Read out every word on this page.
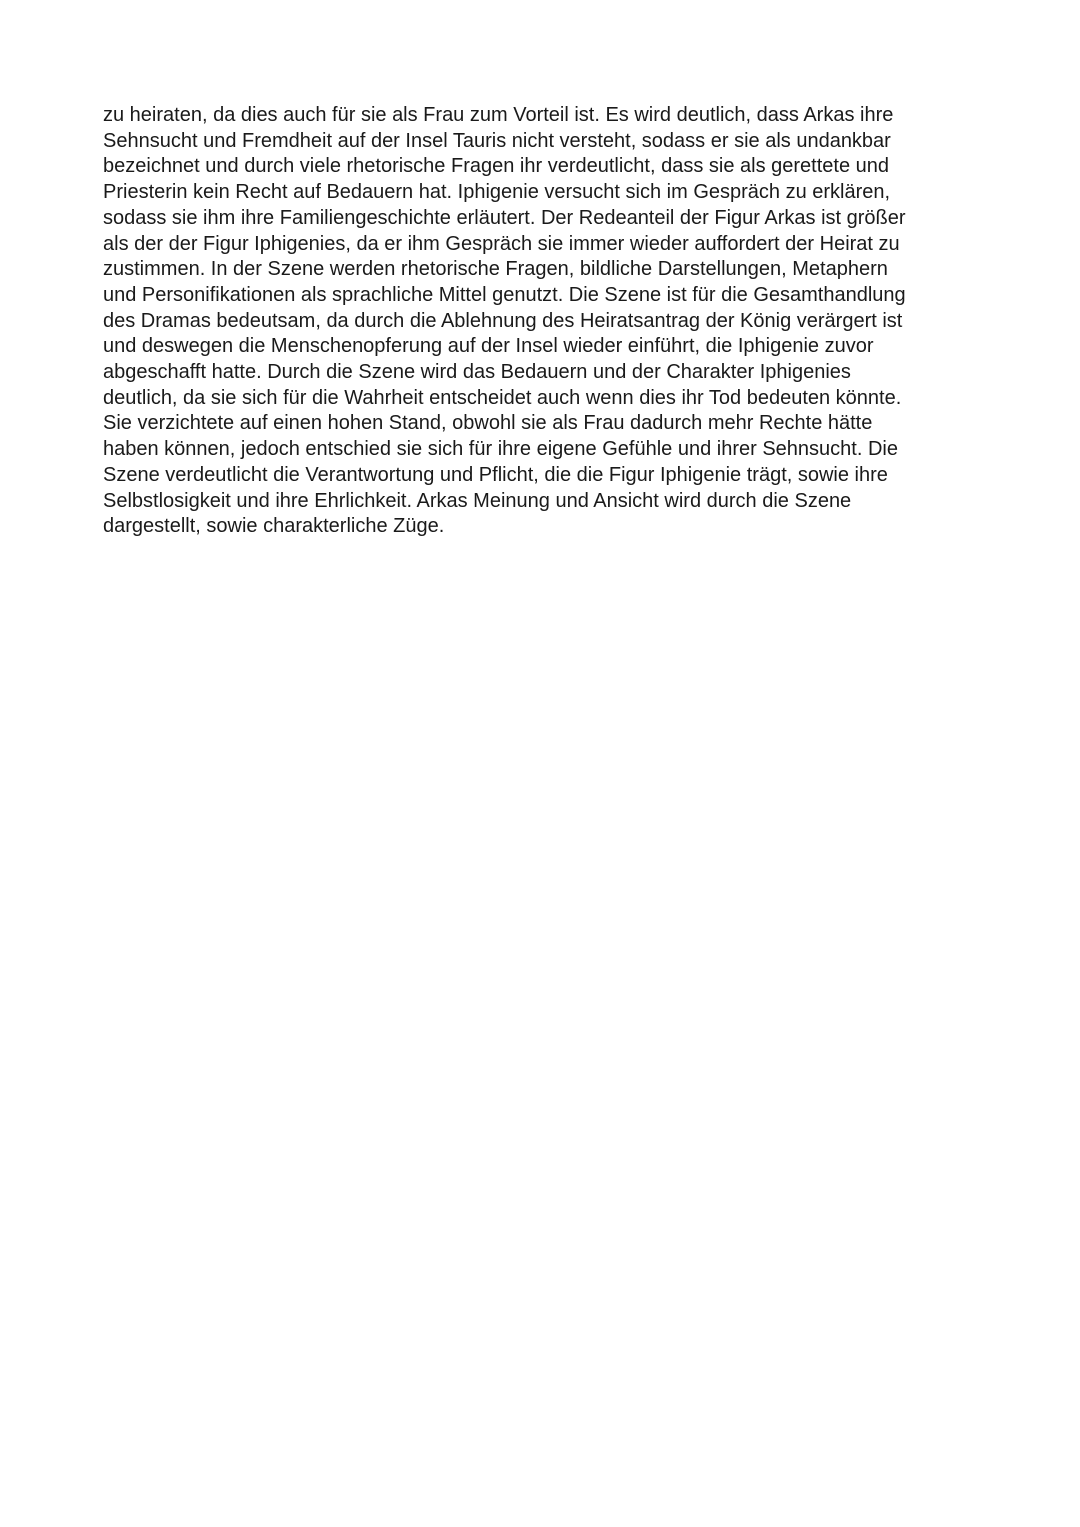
zu heiraten, da dies auch für sie als Frau zum Vorteil ist. Es wird deutlich, dass Arkas ihre
Sehnsucht und Fremdheit auf der Insel Tauris nicht versteht, sodass er sie als undankbar
bezeichnet und durch viele rhetorische Fragen ihr verdeutlicht, dass sie als gerettete und
Priesterin kein Recht auf Bedauern hat. Iphigenie versucht sich im Gespräch zu erklären,
sodass sie ihm ihre Familiengeschichte erläutert. Der Redeanteil der Figur Arkas ist größer
als der der Figur Iphigenies, da er ihm Gespräch sie immer wieder auffordert der Heirat zu
zustimmen. In der Szene werden rhetorische Fragen, bildliche Darstellungen, Metaphern
und Personifikationen als sprachliche Mittel genutzt. Die Szene ist für die Gesamthandlung
des Dramas bedeutsam, da durch die Ablehnung des Heiratsantrag der König verärgert ist
und deswegen die Menschenopferung auf der Insel wieder einführt, die Iphigenie zuvor
abgeschafft hatte. Durch die Szene wird das Bedauern und der Charakter Iphigenies
deutlich, da sie sich für die Wahrheit entscheidet auch wenn dies ihr Tod bedeuten könnte.
Sie verzichtete auf einen hohen Stand, obwohl sie als Frau dadurch mehr Rechte hätte
haben können, jedoch entschied sie sich für ihre eigene Gefühle und ihrer Sehnsucht. Die
Szene verdeutlicht die Verantwortung und Pflicht, die die Figur Iphigenie trägt, sowie ihre
Selbstlosigkeit und ihre Ehrlichkeit. Arkas Meinung und Ansicht wird durch die Szene
dargestellt, sowie charakterliche Züge.
